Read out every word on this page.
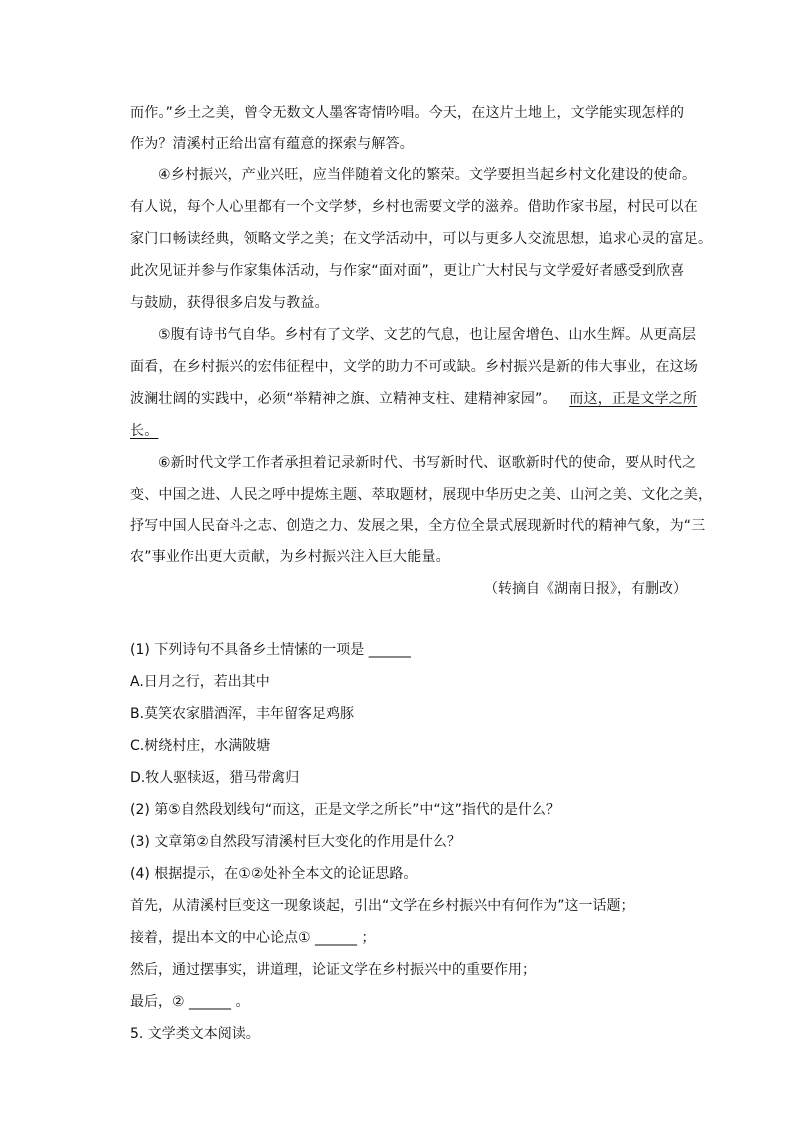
而作。”乡土之美，曾令无数文人墨客寄情吟唱。今天，在这片土地上，文学能实现怎样的
作为？清溪村正给出富有蕴意的探索与解答。
④乡村振兴，产业兴旺，应当伴随着文化的繁荣。文学要担当起乡村文化建设的使命。
有人说，每个人心里都有一个文学梦，乡村也需要文学的滋养。借助作家书屋，村民可以在
家门口畅读经典，领略文学之美；在文学活动中，可以与更多人交流思想，追求心灵的富足。
此次见证并参与作家集体活动，与作家“面对面”，更让广大村民与文学爱好者感受到欣喜
与鼓励，获得很多启发与教益。
⑤腹有诗书气自华。乡村有了文学、文艺的气息，也让屋舍增色、山水生辉。从更高层
面看，在乡村振兴的宏伟征程中，文学的助力不可或缺。乡村振兴是新的伟大事业，在这场
波澜壮阔的实践中，必须“举精神之旗、立精神支柱、建精神家园”。 而这，正是文学之所
长。
⑥新时代文学工作者承担着记录新时代、书写新时代、讴歌新时代的使命，要从时代之
变、中国之进、人民之呼中提炼主题、萃取题材，展现中华历史之美、山河之美、文化之美，
抒写中国人民奋斗之志、创造之力、发展之果，全方位全景式展现新时代的精神气象，为“三
农”事业作出更大贡献，为乡村振兴注入巨大能量。
（转摘自《湖南日报》，有删改）
(1) 下列诗句不具备乡土情愫的一项是 ______
A.日月之行，若出其中
B.莫笑农家腊酒浑，丰年留客足鸡豚
C.树绕村庄，水满陂塘
D.牧人驱犊返，猎马带禽归
(2) 第⑤自然段划线句“而这，正是文学之所长”中“这”指代的是什么？
(3) 文章第②自然段写清溪村巨大变化的作用是什么？
(4) 根据提示，在①②处补全本文的论证思路。
首先，从清溪村巨变这一现象谈起，引出“文学在乡村振兴中有何作为”这一话题；
接着，提出本文的中心论点① ______ ；
然后，通过摆事实，讲道理，论证文学在乡村振兴中的重要作用；
最后，② ______ 。
5. 文学类文本阅读。
